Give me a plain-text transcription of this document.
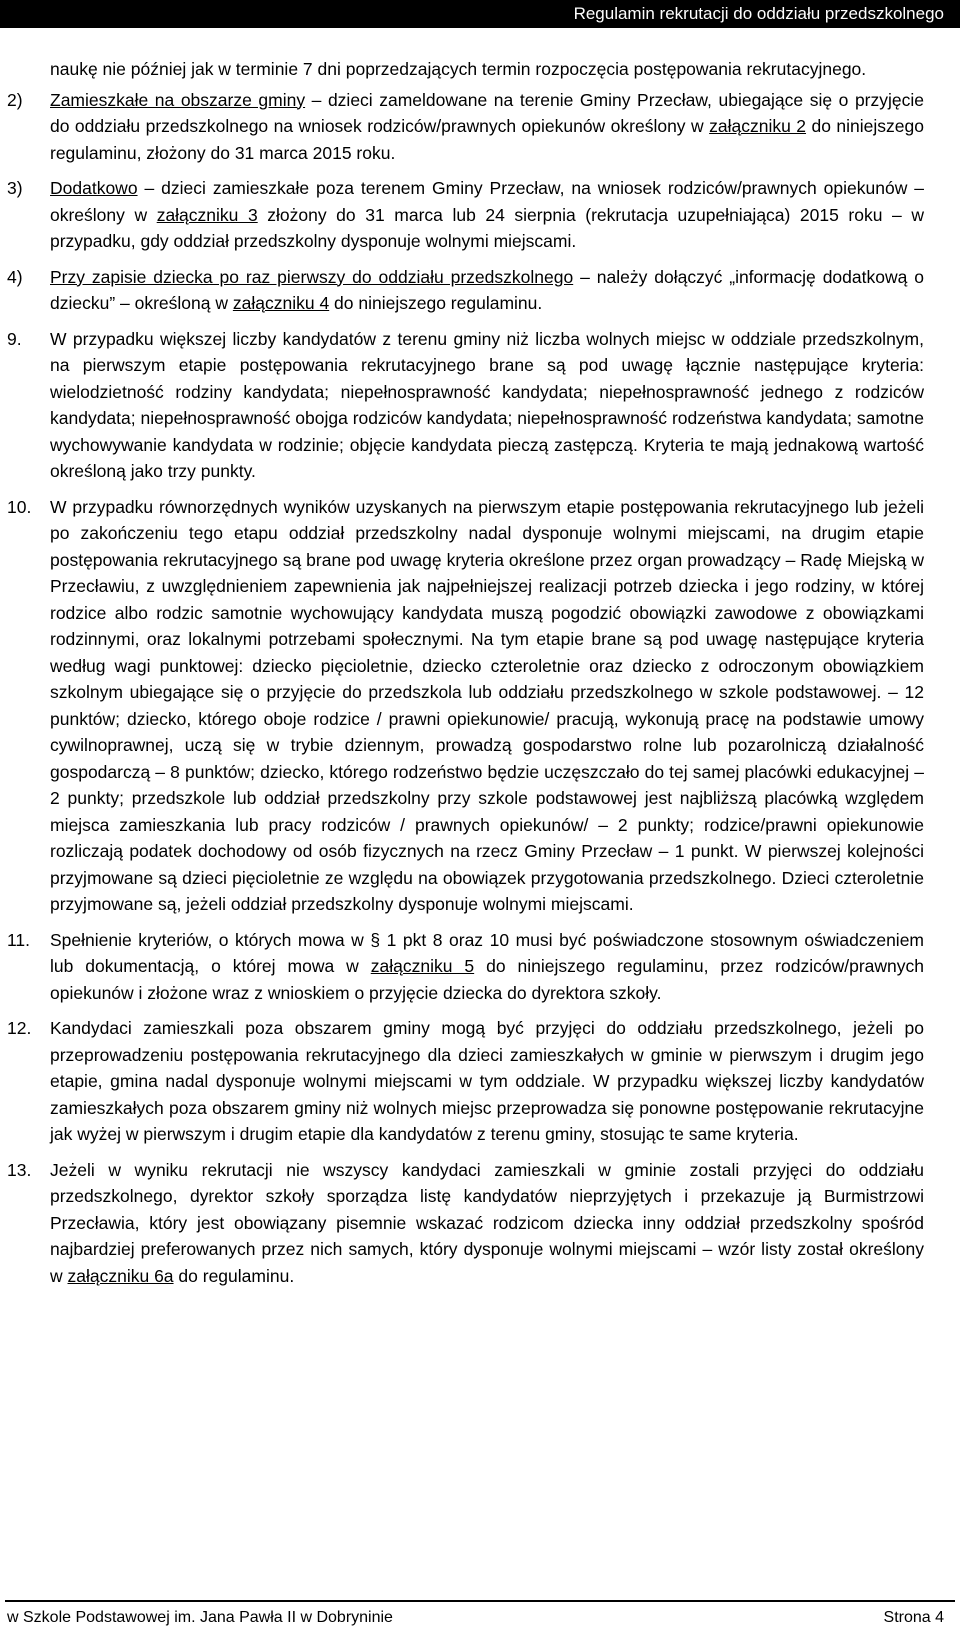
Regulamin rekrutacji do oddziału przedszkolnego

naukę nie później jak w terminie 7 dni poprzedzających termin rozpoczęcia postępowania rekrutacyjnego.

2) Zamieszkałe na obszarze gminy – dzieci zameldowane na terenie Gminy Przecław, ubiegające się o przyjęcie do oddziału przedszkolnego na wniosek rodziców/prawnych opiekunów określony w załączniku 2 do niniejszego regulaminu, złożony do 31 marca 2015 roku.
3) Dodatkowo – dzieci zamieszkałe poza terenem Gminy Przecław, na wniosek rodziców/prawnych opiekunów – określony w załączniku 3 złożony do 31 marca lub 24 sierpnia (rekrutacja uzupełniająca) 2015 roku – w przypadku, gdy oddział przedszkolny dysponuje wolnymi miejscami.
4) Przy zapisie dziecka po raz pierwszy do oddziału przedszkolnego – należy dołączyć „informację dodatkową o dziecku” – określoną w załączniku 4 do niniejszego regulaminu.
9. W przypadku większej liczby kandydatów z terenu gminy niż liczba wolnych miejsc w oddziale przedszkolnym, na pierwszym etapie postępowania rekrutacyjnego brane są pod uwagę łącznie następujące kryteria: wielodzietność rodziny kandydata; niepełnosprawność kandydata; niepełnosprawność jednego z rodziców kandydata; niepełnosprawność obojga rodziców kandydata; niepełnosprawność rodzeństwa kandydata; samotne wychowywanie kandydata w rodzinie; objęcie kandydata pieczą zastępczą. Kryteria te mają jednakową wartość określoną jako trzy punkty.
10. W przypadku równorzędnych wyników uzyskanych na pierwszym etapie postępowania rekrutacyjnego lub jeżeli po zakończeniu tego etapu oddział przedszkolny nadal dysponuje wolnymi miejscami, na drugim etapie postępowania rekrutacyjnego są brane pod uwagę kryteria określone przez organ prowadzący – Radę Miejską w Przecławiu, z uwzględnieniem zapewnienia jak najpełniejszej realizacji potrzeb dziecka i jego rodziny, w której rodzice albo rodzic samotnie wychowujący kandydata muszą pogodzić obowiązki zawodowe z obowiązkami rodzinnymi, oraz lokalnymi potrzebami społecznymi. Na tym etapie brane są pod uwagę następujące kryteria według wagi punktowej: dziecko pięcioletnie, dziecko czteroletnie oraz dziecko z odroczonym obowiązkiem szkolnym ubiegające się o przyjęcie do przedszkola lub oddziału przedszkolnego w szkole podstawowej. – 12 punktów; dziecko, którego oboje rodzice / prawni opiekunowie/ pracują, wykonują pracę na podstawie umowy cywilnoprawnej, uczą się w trybie dziennym, prowadzą gospodarstwo rolne lub pozarolniczą działalność gospodarczą – 8 punktów; dziecko, którego rodzeństwo będzie uczęszczało do tej samej placówki edukacyjnej – 2 punkty; przedszkole lub oddział przedszkolny przy szkole podstawowej jest najbliższą placówką względem miejsca zamieszkania lub pracy rodziców / prawnych opiekunów/ – 2 punkty; rodzice/prawni opiekunowie rozliczają podatek dochodowy od osób fizycznych na rzecz Gminy Przecław – 1 punkt. W pierwszej kolejności przyjmowane są dzieci pięcioletnie ze względu na obowiązek przygotowania przedszkolnego. Dzieci czteroletnie przyjmowane są, jeżeli oddział przedszkolny dysponuje wolnymi miejscami.
11. Spełnienie kryteriów, o których mowa w § 1 pkt 8 oraz 10 musi być poświadczone stosownym oświadczeniem lub dokumentacją, o której mowa w załączniku 5 do niniejszego regulaminu, przez rodziców/prawnych opiekunów i złożone wraz z wnioskiem o przyjęcie dziecka do dyrektora szkoły.
12. Kandydaci zamieszkali poza obszarem gminy mogą być przyjęci do oddziału przedszkolnego, jeżeli po przeprowadzeniu postępowania rekrutacyjnego dla dzieci zamieszkałych w gminie w pierwszym i drugim jego etapie, gmina nadal dysponuje wolnymi miejscami w tym oddziale. W przypadku większej liczby kandydatów zamieszkałych poza obszarem gminy niż wolnych miejsc przeprowadza się ponowne postępowanie rekrutacyjne jak wyżej w pierwszym i drugim etapie dla kandydatów z terenu gminy, stosując te same kryteria.
13. Jeżeli w wyniku rekrutacji nie wszyscy kandydaci zamieszkali w gminie zostali przyjęci do oddziału przedszkolnego, dyrektor szkoły sporządza listę kandydatów nieprzyjętych i przekazuje ją Burmistrzowi Przecławia, który jest obowiązany pisemnie wskazać rodzicom dziecka inny oddział przedszkolny spośród najbardziej preferowanych przez nich samych, który dysponuje wolnymi miejscami – wzór listy został określony w załączniku 6a do regulaminu.
w Szkole Podstawowej im. Jana Pawła II w Dobryninie	Strona 4
